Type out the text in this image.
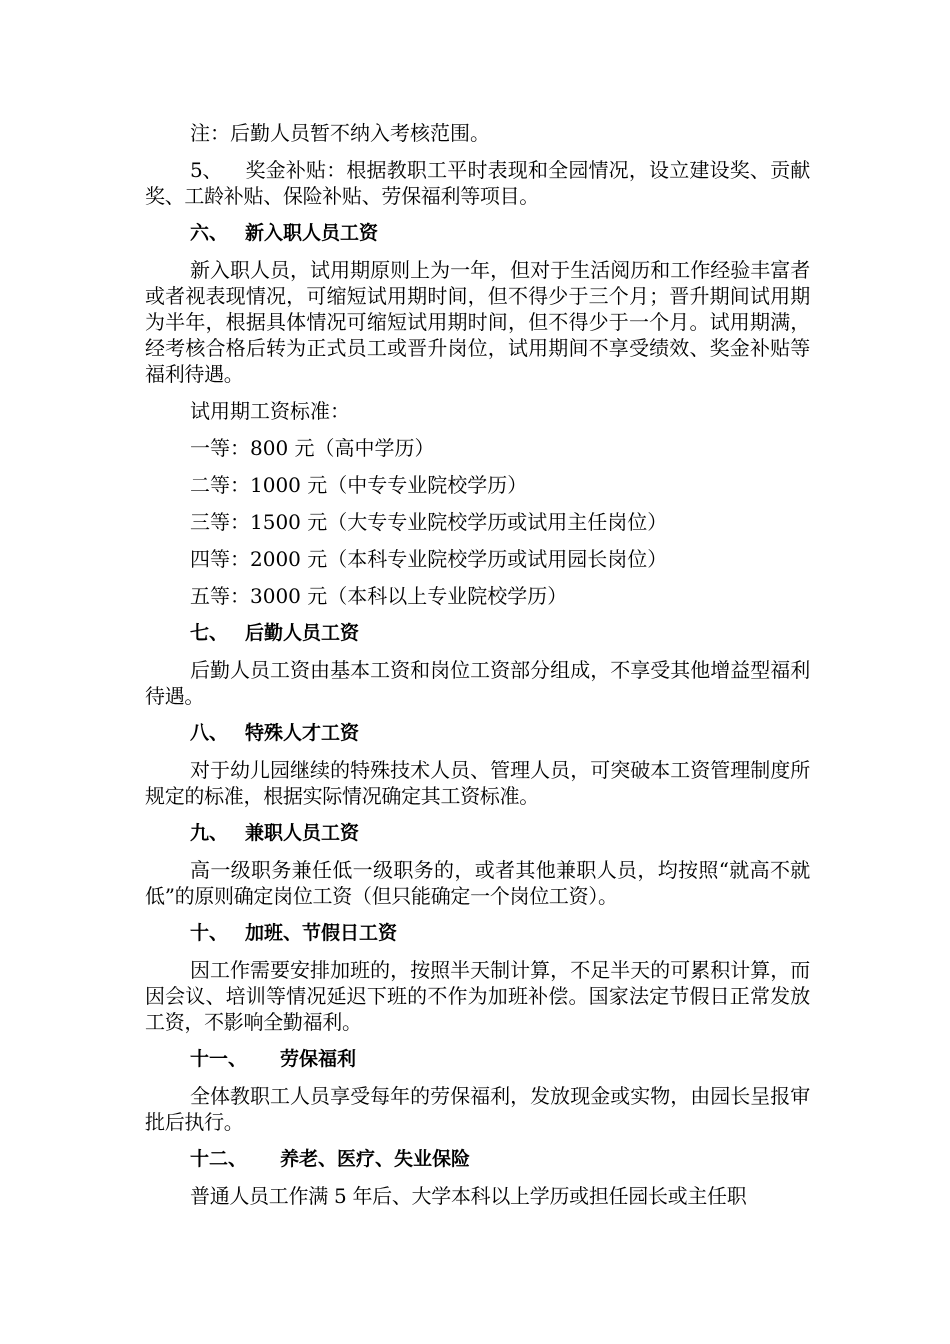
注：后勤人员暂不纳入考核范围。

5、 奖金补贴：根据教职工平时表现和全园情况，设立建设奖、贡献奖、工龄补贴、保险补贴、劳保福利等项目。

六、 新入职人员工资

新入职人员，试用期原则上为一年，但对于生活阅历和工作经验丰富者或者视表现情况，可缩短试用期时间，但不得少于三个月；晋升期间试用期为半年，根据具体情况可缩短试用期时间，但不得少于一个月。试用期满，经考核合格后转为正式员工或晋升岗位，试用期间不享受绩效、奖金补贴等福利待遇。

试用期工资标准：

一等：800 元（高中学历）

二等：1000 元（中专专业院校学历）

三等：1500 元（大专专业院校学历或试用主任岗位）

四等：2000 元（本科专业院校学历或试用园长岗位）

五等：3000 元（本科以上专业院校学历）

七、 后勤人员工资

后勤人员工资由基本工资和岗位工资部分组成，不享受其他增益型福利待遇。

八、 特殊人才工资

对于幼儿园继续的特殊技术人员、管理人员，可突破本工资管理制度所规定的标准，根据实际情况确定其工资标准。

九、 兼职人员工资

高一级职务兼任低一级职务的，或者其他兼职人员，均按照“就高不就低”的原则确定岗位工资（但只能确定一个岗位工资）。

十、 加班、节假日工资

因工作需要安排加班的，按照半天制计算，不足半天的可累积计算，而因会议、培训等情况延迟下班的不作为加班补偿。国家法定节假日正常发放工资，不影响全勤福利。

十一、 劳保福利

全体教职工人员享受每年的劳保福利，发放现金或实物，由园长呈报审批后执行。

十二、 养老、医疗、失业保险

普通人员工作满 5 年后、大学本科以上学历或担任园长或主任职
